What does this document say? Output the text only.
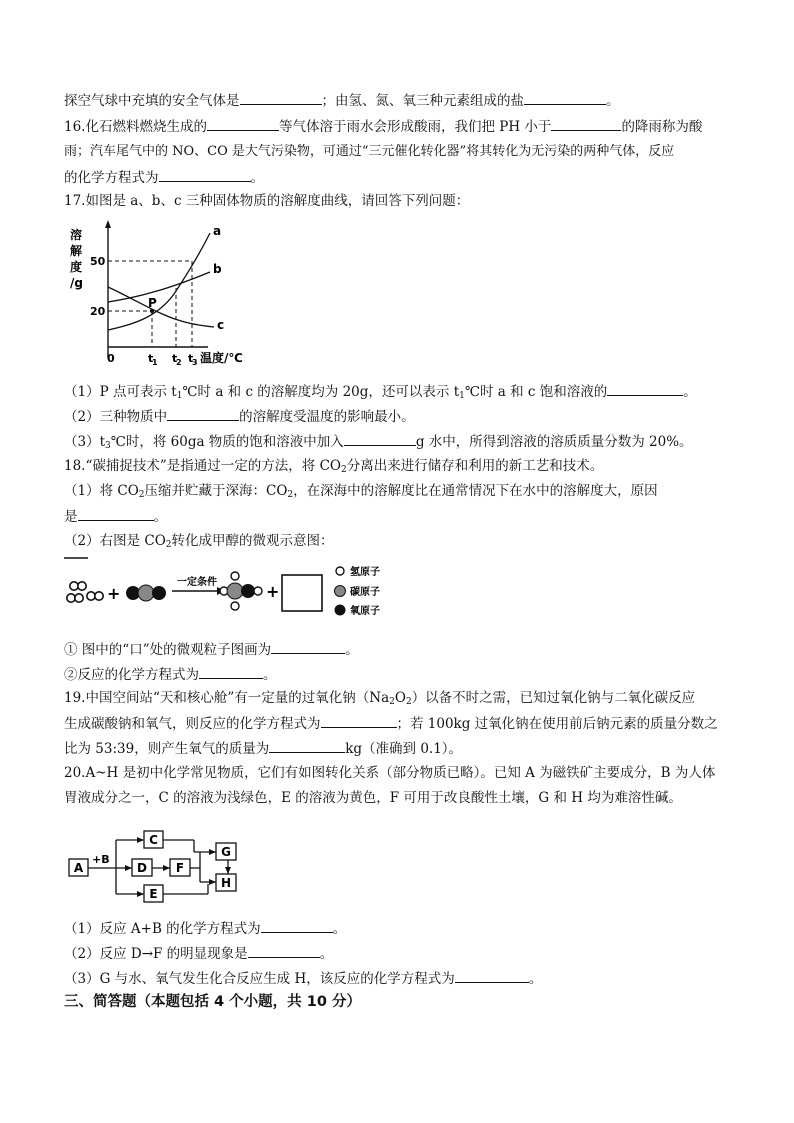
探空气球中充填的安全气体是	；由氢、氮、氧三种元素组成的盐	。
16.化石燃料燃烧生成的	等气体溶于雨水会形成酸雨，我们把 PH 小于	的降雨称为酸
雨；汽车尾气中的 NO、CO 是大气污染物，可通过“三元催化转化器”将其转化为无污染的两种气体，反应
的化学方程式为	。
17.如图是 a、b、c 三种固体物质的溶解度曲线，请回答下列问题：
溶
解
度
/g
50
20
0
P
a
b
c
t
1 t
2 t
3 温度/℃
（1）P 点可表示 $t_1℃$时 a 和 c 的溶解度均为 20g，还可以表示 $t_1℃$时 a 和 c 饱和溶液的	。
（2）三种物质中	的溶解度受温度的影响最小。
$(3)t_3℃$时，将 60ga 物质的饱和溶液中加入	g 水中，所得到溶液的溶质质量分数为 20%。
18.“碳捕捉技术”是指通过一定的方法，将 $CO_2$分离出来进行储存和利用的新工艺和技术。
（1）将 $CO_2$压缩并贮藏于深海：$CO_2$，在深海中的溶解度比在通常情况下在水中的溶解度大，原因
是	。
（2）右图是 $CO_2$转化成甲醇的微观示意图：
+
一定条件	+
氢原子
碳原子
氧原子
① 图中的“口”处的微观粒子图画为	。
②反应的化学方程式为	。
19.中国空间站“天和核心舱”有一定量的过氧化钠$(Na_2O_2)$以备不时之需，已知过氧化钠与二氧化碳反应
生成碳酸钠和氧气，则反应的化学方程式为	；若 100kg 过氧化钠在使用前后钠元素的质量分数之
比为 53:39，则产生氧气的质量为	kg（准确到 0.1）。
20.A~H 是初中化学常见物质，它们有如图转化关系（部分物质已略）。已知 A 为磁铁矿主要成分，B 为人体
胃液成分之一，C 的溶液为浅绿色，E 的溶液为黄色，F 可用于改良酸性土壤，G 和 H 均为难溶性碱。
+B
A
C
D F
E
G
H
（1）反应 A+B 的化学方程式为	。
（2）反应 D→F 的明显现象是	。
（3）G 与水、氧气发生化合反应生成 H，该反应的化学方程式为	。
三、简答题（本题包括 4 个小题，共 10 分）
